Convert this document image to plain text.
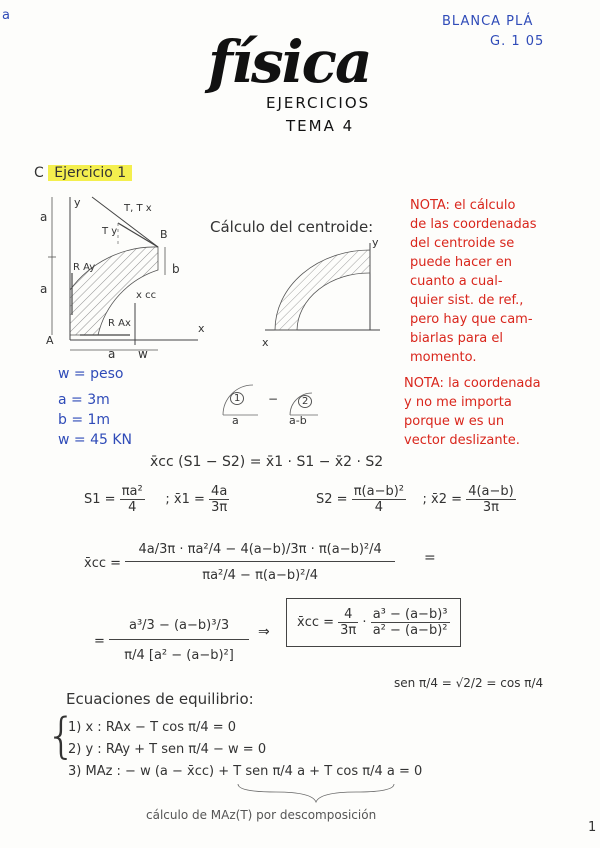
a
física
EJERCICIOS
TEMA 4
BLANCA PLÁ
G. 1 05
C Ejercicio 1
a
a
y	T, T x
T y	B
b
R Ay
x cc
R Ax	x
A
a w
w = peso
a = 3m
b = 1m
w = 45 KN
Cálculo del centroide:
y
x
1	−	2
a	a-b
NOTA: el cálculo
de las coordenadas
del centroide se
puede hacer en
cuanto a cual-
quier sist. de ref.,
pero hay que cam-
biarlas para el
momento.
NOTA: la coordenada
y no me importa
porque w es un
vector deslizante.
x̄cc (S1 − S2) = x̄1 · S1 − x̄2 · S2
$S1 = \frac{\text{πa²}}{4}$ ; x̄1 = $\frac{4a}{3\pi}$	$S2 = \frac{\text{π(a−b)²}}{4}$ ; x̄2 = $\frac{4(a-b)}{3\pi}$
x̄cc = $\frac{\text{4a/3π · πa²/4 − 4(a−b)/3π · π(a−b)²/4}}{\text{πa²/4 − π(a−b)²/4}}$ =
= $\frac{\text{a³/3 − (a−b)³/3}}{\text{π/4 [a² − (a−b)²]}}$ ⇒
x̄cc = $\frac{4}{3\pi} \cdot \frac{\text{a³ − (a−b)³}}{\text{a² − (a−b)²}}$
sen π/4 = √2/2 = cos π/4
Ecuaciones de equilibrio:
{
1) x : RAx − T cos π/4 = 0
2) y : RAy + T sen π/4 − w = 0
3) MAz : − w (a − x̄cc) + T sen π/4 a + T cos π/4 a = 0
cálculo de MAz(T) por descomposición
1
